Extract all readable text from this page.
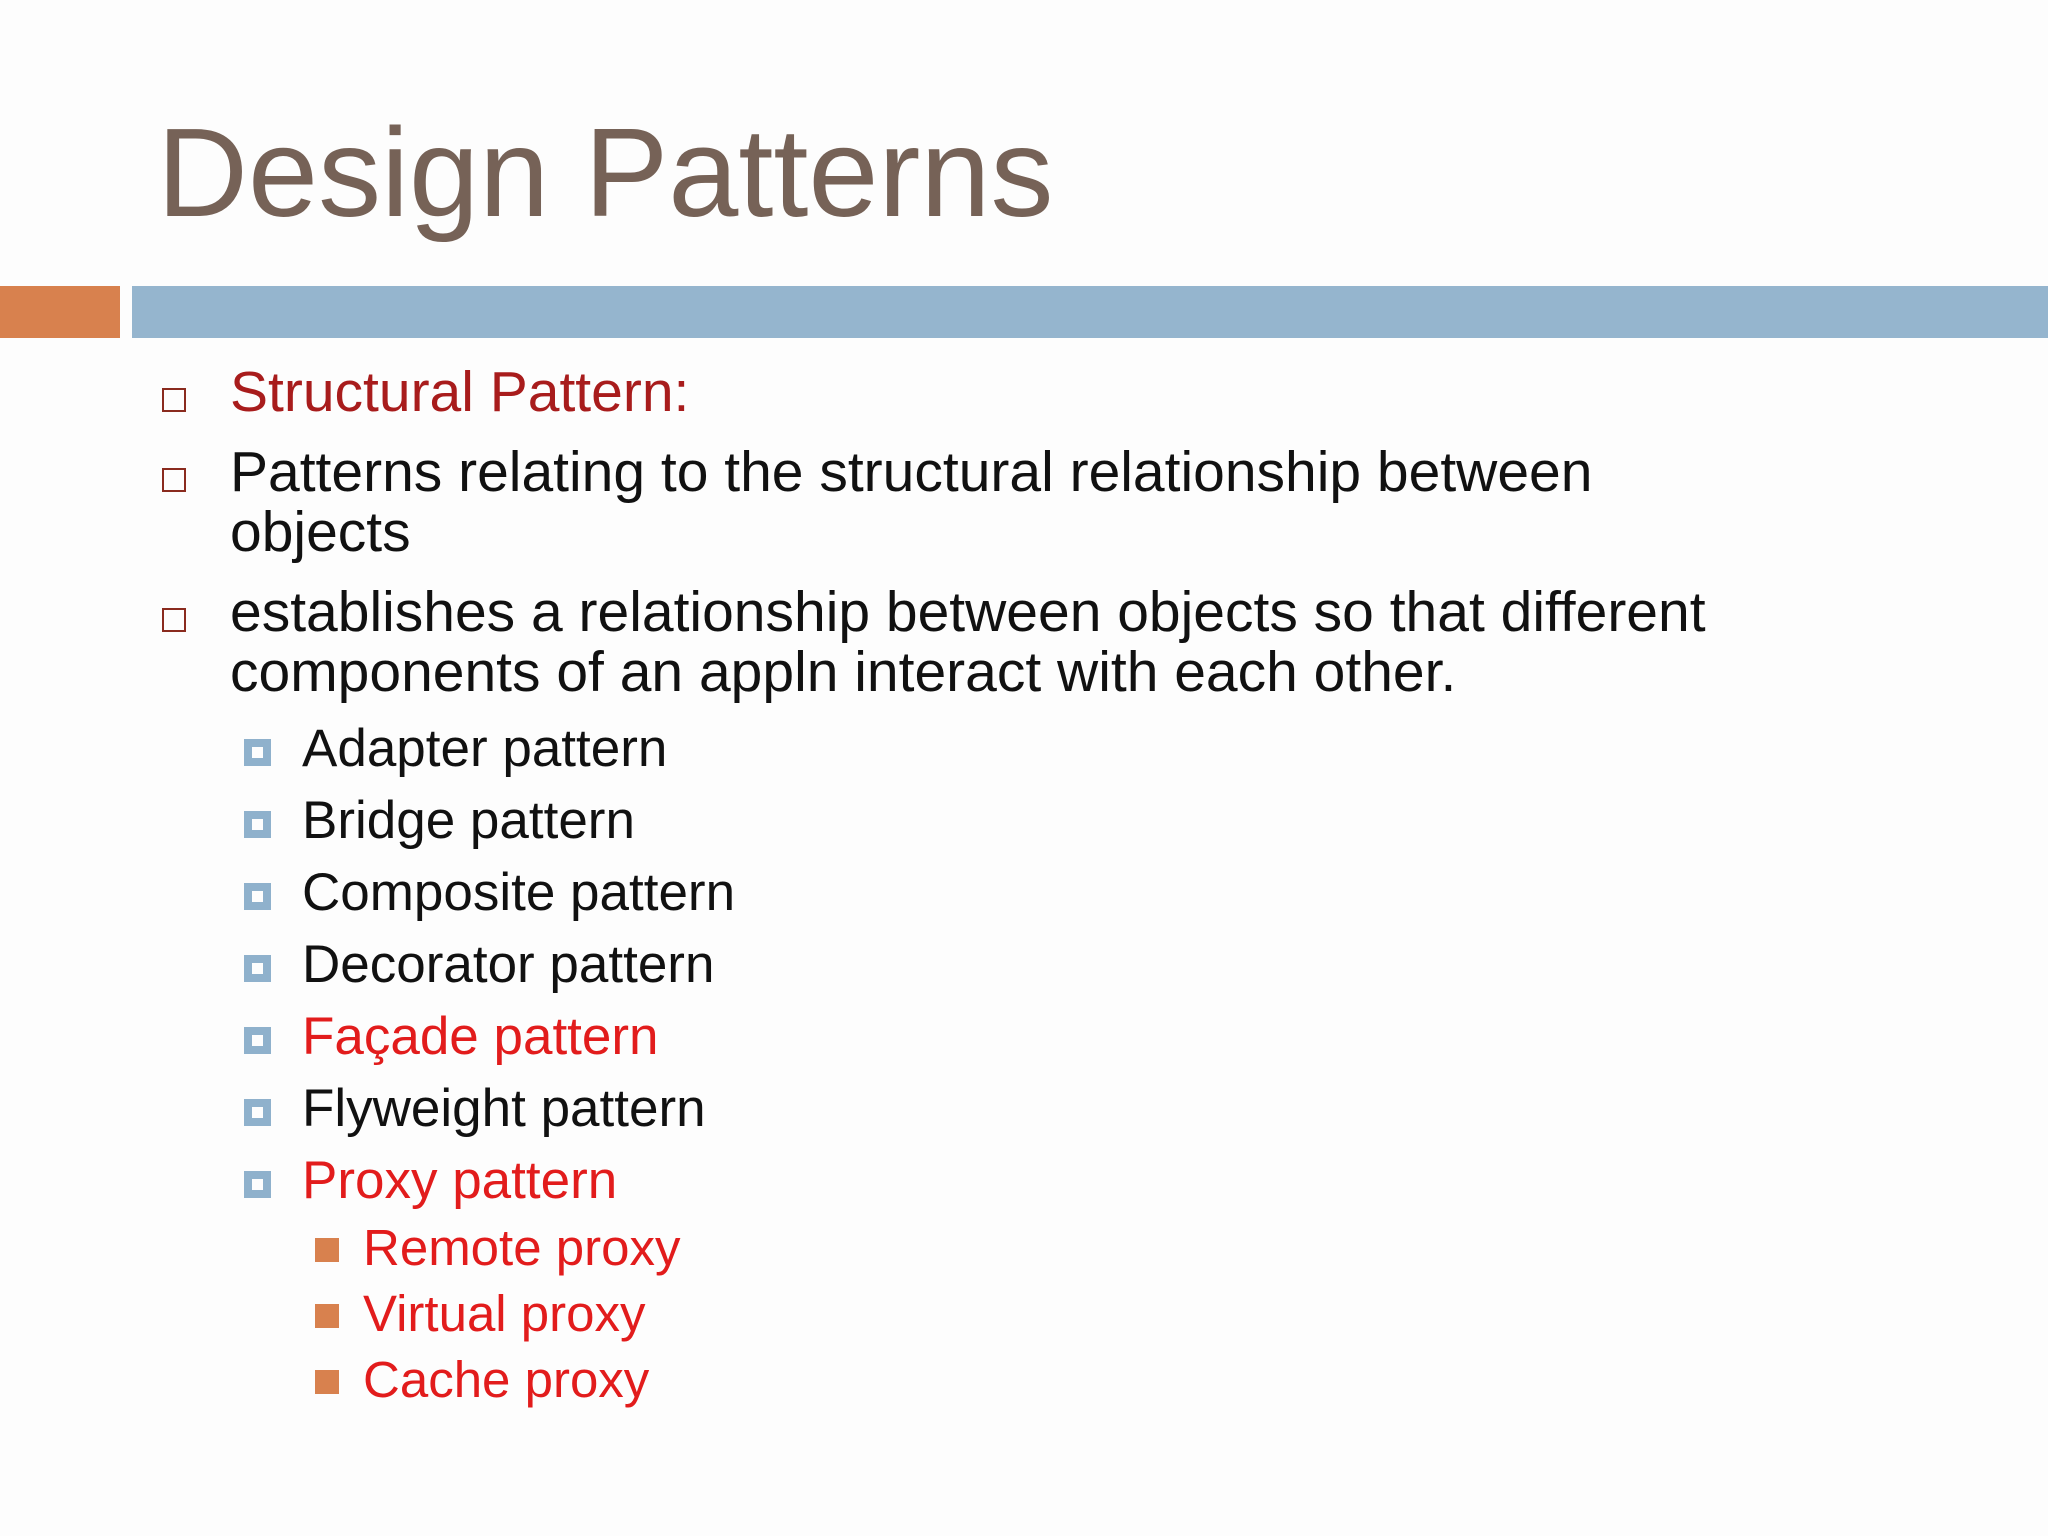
Design Patterns
Structural Pattern:
Patterns relating to the structural relationship between
objects
establishes a relationship between objects so that different
components of an appln interact with each other.
Adapter pattern
Bridge pattern
Composite pattern
Decorator pattern
Façade pattern
Flyweight pattern
Proxy pattern
Remote proxy
Virtual proxy
Cache proxy
